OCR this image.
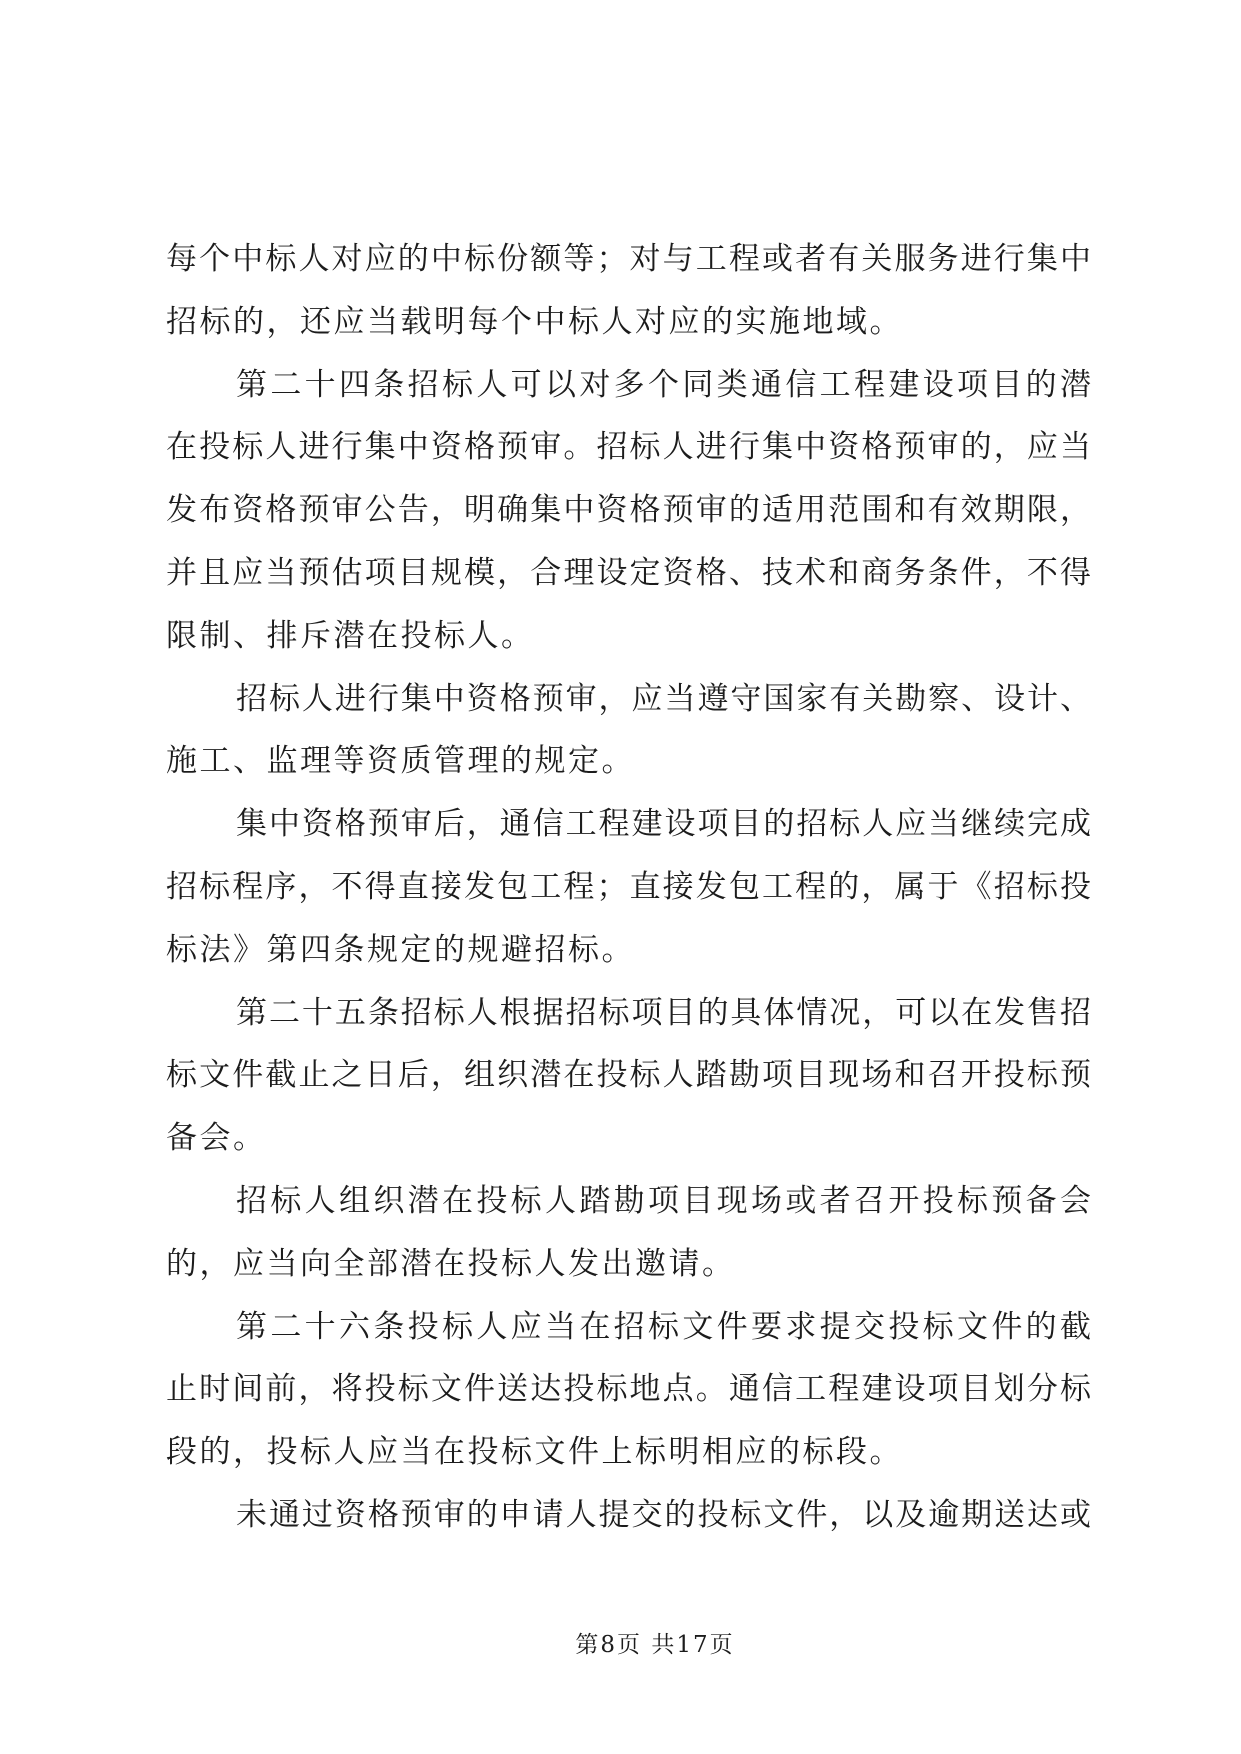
每个中标人对应的中标份额等；对与工程或者有关服务进行集中
招标的，还应当载明每个中标人对应的实施地域。
第二十四条招标人可以对多个同类通信工程建设项目的潜
在投标人进行集中资格预审。招标人进行集中资格预审的，应当
发布资格预审公告，明确集中资格预审的适用范围和有效期限，
并且应当预估项目规模，合理设定资格、技术和商务条件，不得
限制、排斥潜在投标人。
招标人进行集中资格预审，应当遵守国家有关勘察、设计、
施工、监理等资质管理的规定。
集中资格预审后，通信工程建设项目的招标人应当继续完成
招标程序，不得直接发包工程；直接发包工程的，属于《招标投
标法》第四条规定的规避招标。
第二十五条招标人根据招标项目的具体情况，可以在发售招
标文件截止之日后，组织潜在投标人踏勘项目现场和召开投标预
备会。
招标人组织潜在投标人踏勘项目现场或者召开投标预备会
的，应当向全部潜在投标人发出邀请。
第二十六条投标人应当在招标文件要求提交投标文件的截
止时间前，将投标文件送达投标地点。通信工程建设项目划分标
段的，投标人应当在投标文件上标明相应的标段。
未通过资格预审的申请人提交的投标文件，以及逾期送达或
第8页 共17页
